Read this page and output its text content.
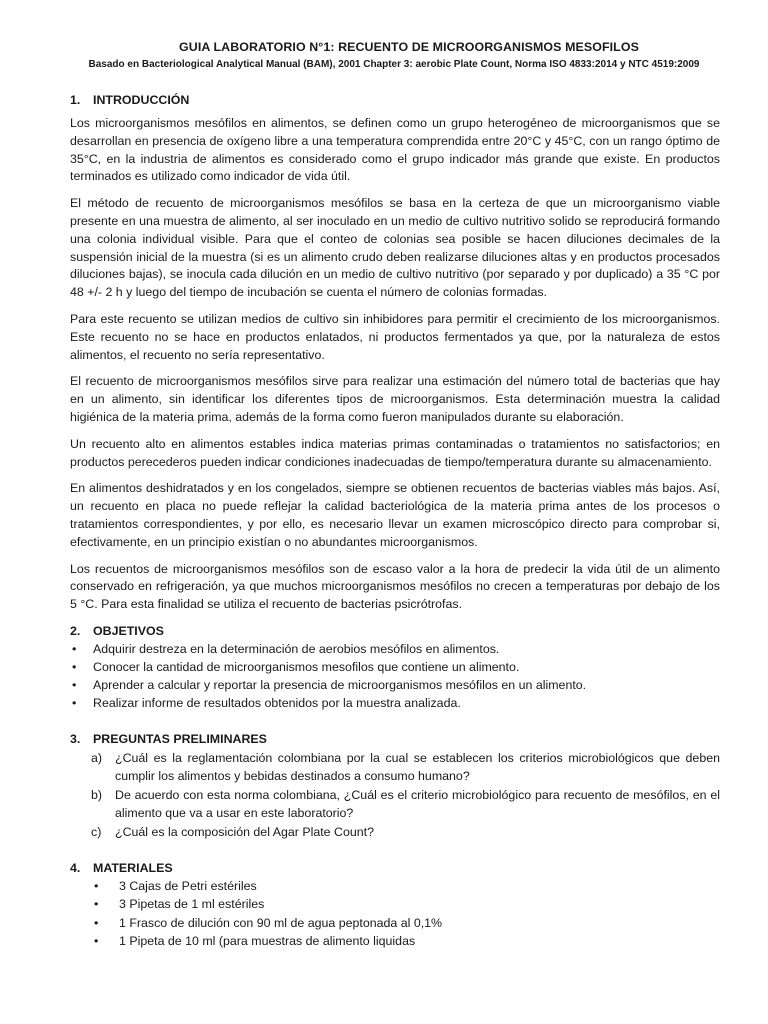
GUIA LABORATORIO N°1: RECUENTO DE MICROORGANISMOS MESOFILOS
Basado en Bacteriological Analytical Manual (BAM), 2001 Chapter 3: aerobic Plate Count, Norma ISO 4833:2014 y NTC 4519:2009
1. INTRODUCCIÓN

Los microorganismos mesófilos en alimentos, se definen como un grupo heterogéneo de microorganismos que se desarrollan en presencia de oxígeno libre a una temperatura comprendida entre 20°C y 45°C, con un rango óptimo de 35°C, en la industria de alimentos es considerado como el grupo indicador más grande que existe. En productos terminados es utilizado como indicador de vida útil.

El método de recuento de microorganismos mesófilos se basa en la certeza de que un microorganismo viable presente en una muestra de alimento, al ser inoculado en un medio de cultivo nutritivo solido se reproducirá formando una colonia individual visible. Para que el conteo de colonias sea posible se hacen diluciones decimales de la suspensión inicial de la muestra (si es un alimento crudo deben realizarse diluciones altas y en productos procesados diluciones bajas), se inocula cada dilución en un medio de cultivo nutritivo (por separado y por duplicado) a 35 °C por 48 +/- 2 h y luego del tiempo de incubación se cuenta el número de colonias formadas.

Para este recuento se utilizan medios de cultivo sin inhibidores para permitir el crecimiento de los microorganismos. Este recuento no se hace en productos enlatados, ni productos fermentados ya que, por la naturaleza de estos alimentos, el recuento no sería representativo.

El recuento de microorganismos mesófilos sirve para realizar una estimación del número total de bacterias que hay en un alimento, sin identificar los diferentes tipos de microorganismos. Esta determinación muestra la calidad higiénica de la materia prima, además de la forma como fueron manipulados durante su elaboración.

Un recuento alto en alimentos estables indica materias primas contaminadas o tratamientos no satisfactorios; en productos perecederos pueden indicar condiciones inadecuadas de tiempo/temperatura durante su almacenamiento.

En alimentos deshidratados y en los congelados, siempre se obtienen recuentos de bacterias viables más bajos. Así, un recuento en placa no puede reflejar la calidad bacteriológica de la materia prima antes de los procesos o tratamientos correspondientes, y por ello, es necesario llevar un examen microscópico directo para comprobar si, efectivamente, en un principio existían o no abundantes microorganismos.

Los recuentos de microorganismos mesófilos son de escaso valor a la hora de predecir la vida útil de un alimento conservado en refrigeración, ya que muchos microorganismos mesófilos no crecen a temperaturas por debajo de los 5 °C. Para esta finalidad se utiliza el recuento de bacterias psicrótrofas.

2. OBJETIVOS
• Adquirir destreza en la determinación de aerobios mesófilos en alimentos.
• Conocer la cantidad de microorganismos mesofilos que contiene un alimento.
• Aprender a calcular y reportar la presencia de microorganismos mesófilos en un alimento.
• Realizar informe de resultados obtenidos por la muestra analizada.
3. PREGUNTAS PRELIMINARES
a) ¿Cuál es la reglamentación colombiana por la cual se establecen los criterios microbiológicos que deben cumplir los alimentos y bebidas destinados a consumo humano?
b) De acuerdo con esta norma colombiana, ¿Cuál es el criterio microbiológico para recuento de mesófilos, en el alimento que va a usar en este laboratorio?
c) ¿Cuál es la composición del Agar Plate Count?
4. MATERIALES
• 3 Cajas de Petri estériles
• 3 Pipetas de 1 ml estériles
• 1 Frasco de dilución con 90 ml de agua peptonada al 0,1%
• 1 Pipeta de 10 ml (para muestras de alimento liquidas
